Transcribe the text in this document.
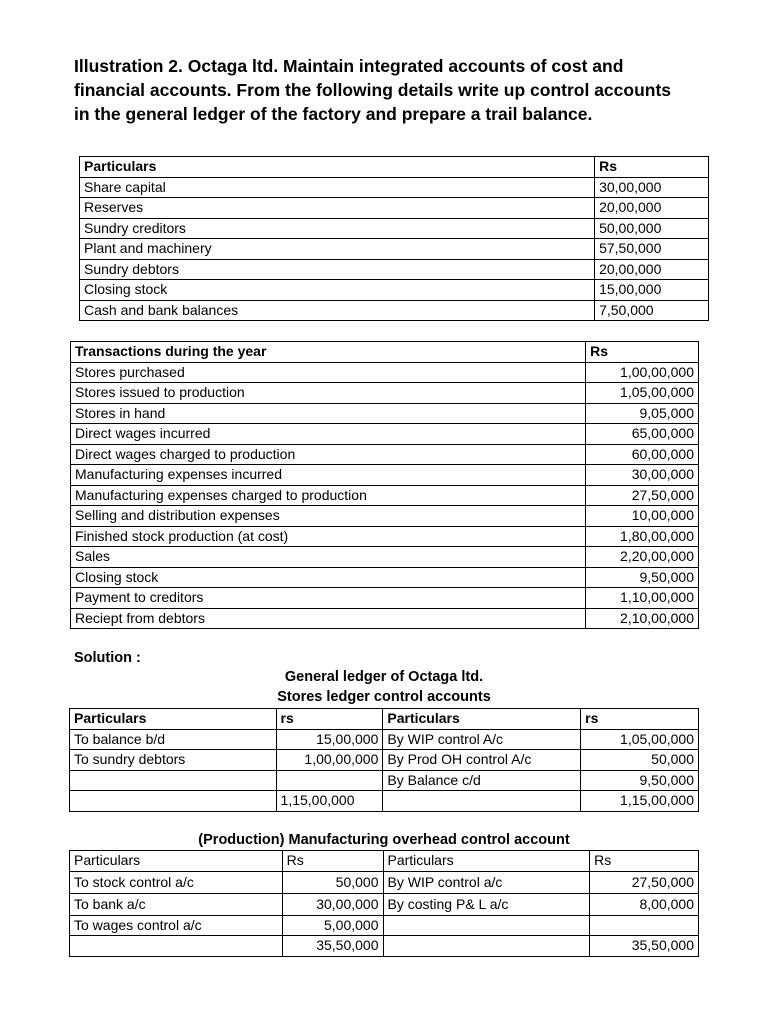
Illustration 2. Octaga ltd. Maintain integrated accounts of cost and financial accounts. From the following details write up control accounts in the general ledger of the factory and prepare a trail balance.

Particulars	Rs
Share capital	30,00,000
Reserves	20,00,000
Sundry creditors	50,00,000
Plant and machinery	57,50,000
Sundry debtors	20,00,000
Closing stock	15,00,000
Cash and bank balances	7,50,000
Transactions during the year	Rs
Stores purchased	1,00,00,000
Stores issued to production	1,05,00,000
Stores in hand	9,05,000
Direct wages incurred	65,00,000
Direct wages charged to production	60,00,000
Manufacturing expenses incurred	30,00,000
Manufacturing expenses charged to production	27,50,000
Selling and distribution expenses	10,00,000
Finished stock production (at cost)	1,80,00,000
Sales	2,20,00,000
Closing stock	9,50,000
Payment to creditors	1,10,00,000
Reciept from debtors	2,10,00,000
Solution :
General ledger of Octaga ltd.
Stores ledger control accounts
Particulars	rs	Particulars	rs
To balance b/d	15,00,000	By WIP control A/c	1,05,00,000
To sundry debtors	1,00,00,000	By Prod OH control A/c	50,000
		By Balance c/d	9,50,000
	1,15,00,000		1,15,00,000
(Production) Manufacturing overhead control account
Particulars	Rs	Particulars	Rs
To stock control a/c	50,000	By WIP control a/c	27,50,000
To bank a/c	30,00,000	By costing P& L a/c	8,00,000
To wages control a/c	5,00,000		
	35,50,000		35,50,000
